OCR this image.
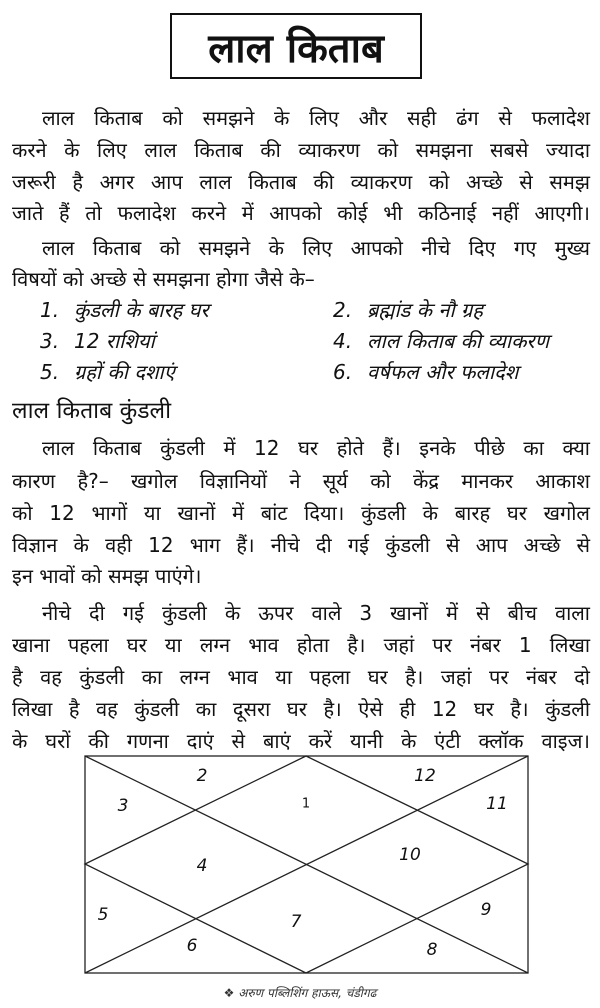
लाल किताब
लाल किताब को समझने के लिए और सही ढंग से फलादेश
करने के लिए लाल किताब की व्याकरण को समझना सबसे ज्यादा
जरूरी है अगर आप लाल किताब की व्याकरण को अच्छे से समझ
जाते हैं तो फलादेश करने में आपको कोई भी कठिनाई नहीं आएगी।
लाल किताब को समझने के लिए आपको नीचे दिए गए मुख्य
विषयों को अच्छे से समझना होगा जैसे के–
1. कुंडली के बारह घर	2. ब्रह्मांड के नौ ग्रह
3. 12 राशियां	4. लाल किताब की व्याकरण
5. ग्रहों की दशाएं	6. वर्षफल और फलादेश
लाल किताब कुंडली
लाल किताब कुंडली में 12 घर होते हैं। इनके पीछे का क्या
कारण है?– खगोल विज्ञानियों ने सूर्य को केंद्र मानकर आकाश
को 12 भागों या खानों में बांट दिया। कुंडली के बारह घर खगोल
विज्ञान के वही 12 भाग हैं। नीचे दी गई कुंडली से आप अच्छे से
इन भावों को समझ पाएंगे।
नीचे दी गई कुंडली के ऊपर वाले 3 खानों में से बीच वाला
खाना पहला घर या लग्न भाव होता है। जहां पर नंबर 1 लिखा
है वह कुंडली का लग्न भाव या पहला घर है। जहां पर नंबर दो
लिखा है वह कुंडली का दूसरा घर है। ऐसे ही 12 घर है। कुंडली
के घरों की गणना दाएं से बाएं करें यानी के एंटी क्लॉक वाइज।
1
2
3
4
5
6
7
8
9
10
11
12
❖ अरुण पब्लिशिंग हाऊस, चंडीगढ
